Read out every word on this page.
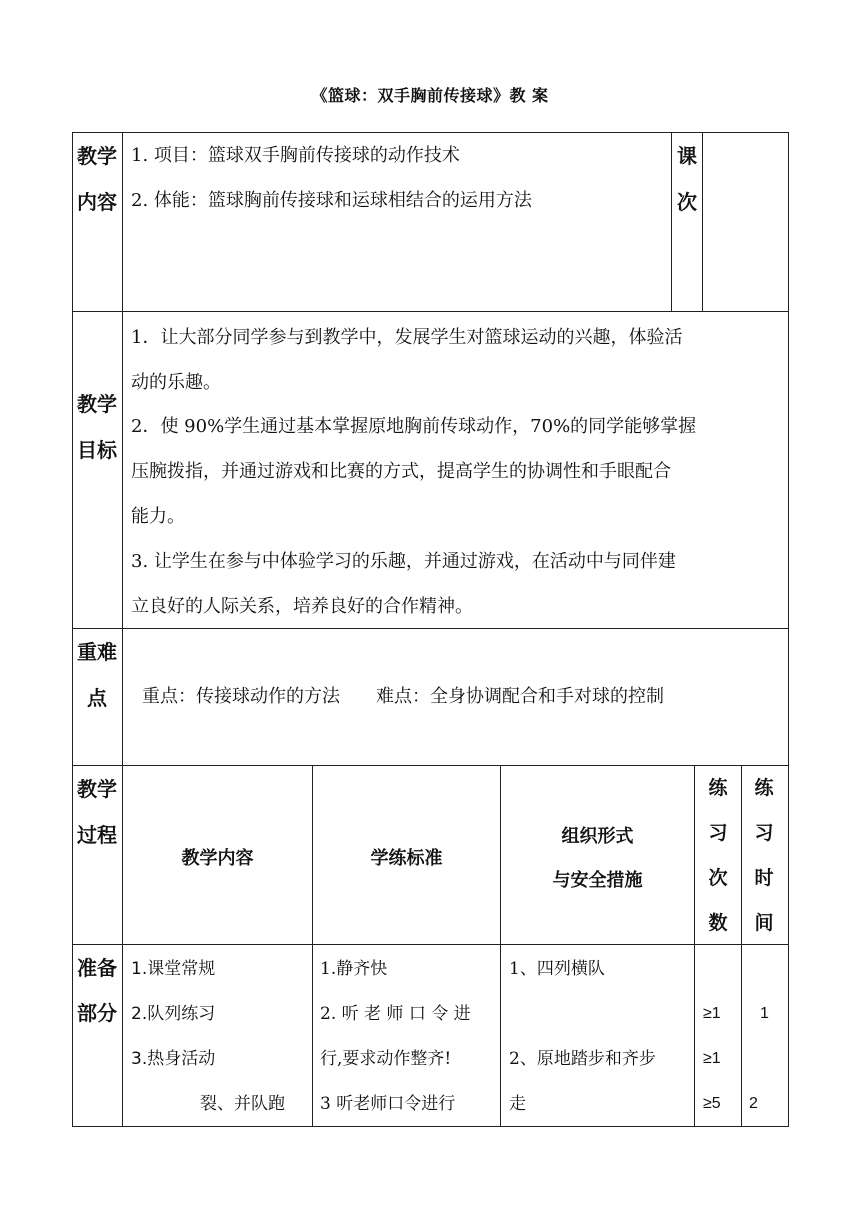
《篮球：双手胸前传接球》教 案
教学内容
1. 项目：篮球双手胸前传接球的动作技术
2. 体能：篮球胸前传接球和运球相结合的运用方法
课次
教学目标
1．让大部分同学参与到教学中，发展学生对篮球运动的兴趣，体验活
动的乐趣。
2．使 90%学生通过基本掌握原地胸前传球动作，70%的同学能够掌握
压腕拨指，并通过游戏和比赛的方式，提高学生的协调性和手眼配合
能力。
3. 让学生在参与中体验学习的乐趣，并通过游戏，在活动中与同伴建
立良好的人际关系，培养良好的合作精神。
重难点	重点：传接球动作的方法　　难点：全身协调配合和手对球的控制
教学过程
教学内容	学练标准
组织形式
与安全措施
练习次数
练习时间
准备部分
1.课堂常规
2.队列练习
3.热身活动
裂、并队跑
1.静齐快
2. 听 老 师 口 令 进
行,要求动作整齐!
3 听老师口令进行
1、四列横队
2、原地踏步和齐步
走
≥1
≥1
≥5
1
2
